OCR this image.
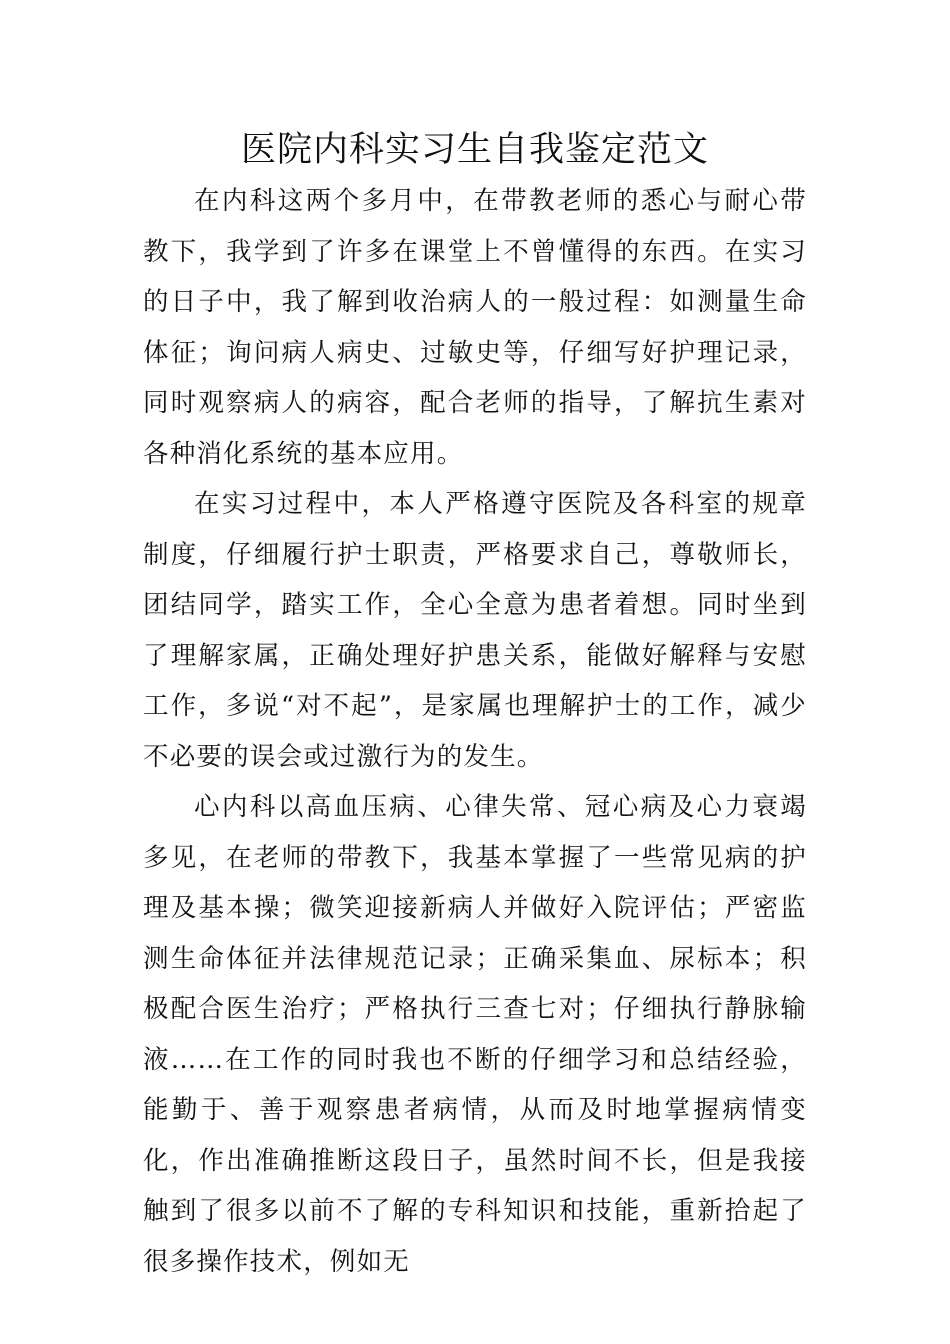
医院内科实习生自我鉴定范文

在内科这两个多月中，在带教老师的悉心与耐心带教下，我学到了许多在课堂上不曾懂得的东西。在实习的日子中，我了解到收治病人的一般过程：如测量生命体征；询问病人病史、过敏史等，仔细写好护理记录，同时观察病人的病容，配合老师的指导，了解抗生素对各种消化系统的基本应用。

在实习过程中，本人严格遵守医院及各科室的规章制度，仔细履行护士职责，严格要求自己，尊敬师长，团结同学，踏实工作，全心全意为患者着想。同时坐到了理解家属，正确处理好护患关系，能做好解释与安慰工作，多说“对不起”，是家属也理解护士的工作，减少不必要的误会或过激行为的发生。

心内科以高血压病、心律失常、冠心病及心力衰竭多见，在老师的带教下，我基本掌握了一些常见病的护理及基本操；微笑迎接新病人并做好入院评估；严密监测生命体征并法律规范记录；正确采集血、尿标本；积极配合医生治疗；严格执行三查七对；仔细执行静脉输液……在工作的同时我也不断的仔细学习和总结经验，能勤于、善于观察患者病情，从而及时地掌握病情变化，作出准确推断这段日子，虽然时间不长，但是我接触到了很多以前不了解的专科知识和技能，重新拾起了很多操作技术，例如无
